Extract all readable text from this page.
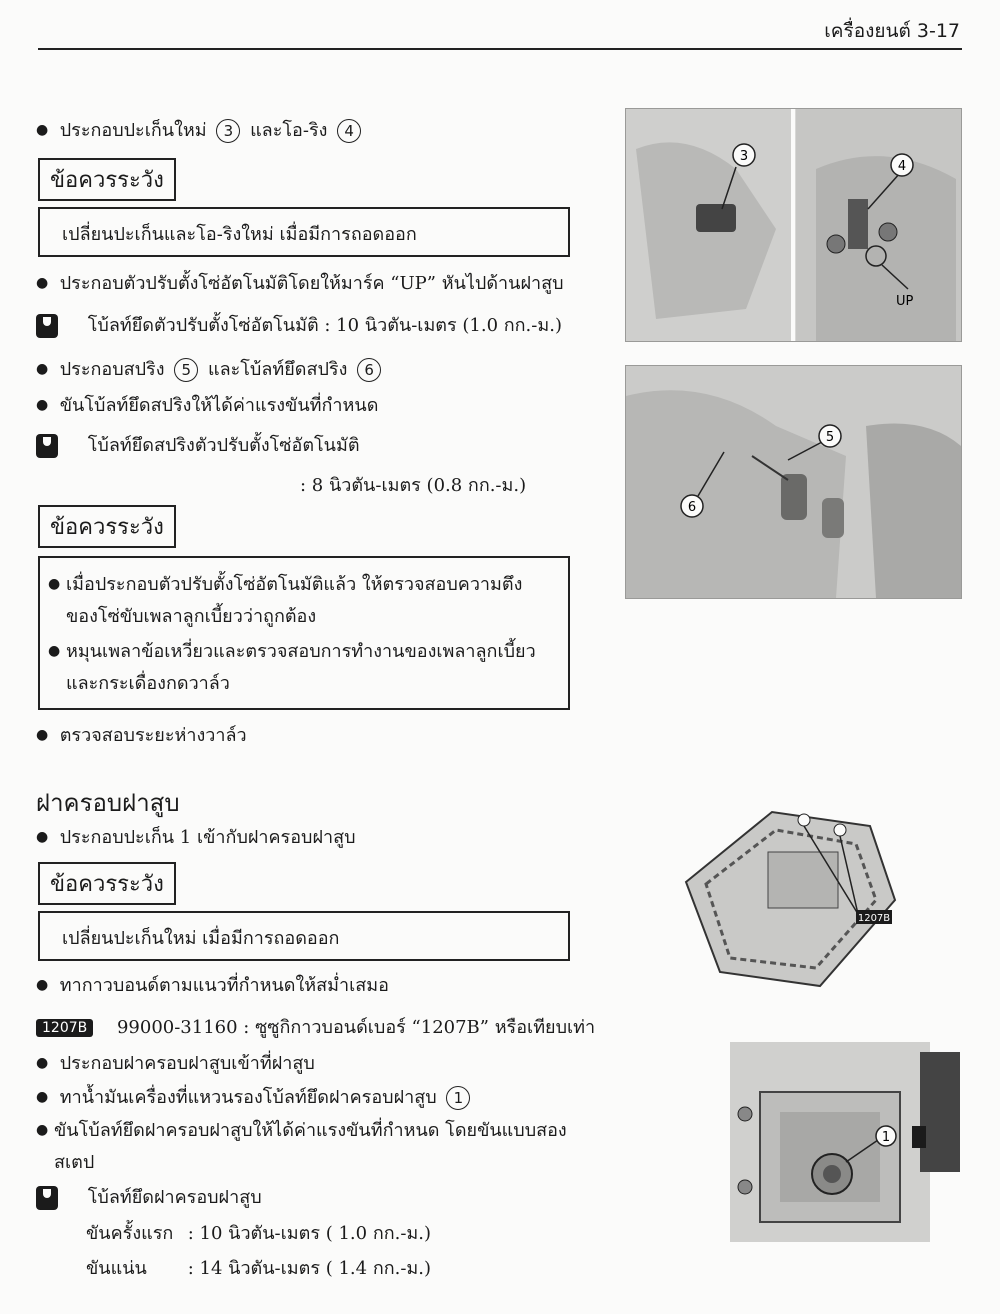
เครื่องยนต์ 3-17
● ประกอบปะเก็นใหม่ 3 และโอ-ริง 4
ข้อควรระวัง
เปลี่ยนปะเก็นและโอ-ริงใหม่ เมื่อมีการถอดออก
● ประกอบตัวปรับตั้งโซ่อัตโนมัติโดยให้มาร์ค “UP” หันไปด้านฝาสูบ
โบ้ลท์ยึดตัวปรับตั้งโซ่อัตโนมัติ : 10 นิวตัน-เมตร (1.0 กก.-ม.)
● ประกอบสปริง 5 และโบ้ลท์ยึดสปริง 6
● ขันโบ้ลท์ยึดสปริงให้ได้ค่าแรงขันที่กำหนด
โบ้ลท์ยึดสปริงตัวปรับตั้งโซ่อัตโนมัติ
: 8 นิวตัน-เมตร (0.8 กก.-ม.)
ข้อควรระวัง
● เมื่อประกอบตัวปรับตั้งโซ่อัตโนมัติแล้ว ให้ตรวจสอบความตึง
ของโซ่ขับเพลาลูกเบี้ยวว่าถูกต้อง
● หมุนเพลาข้อเหวี่ยวและตรวจสอบการทำงานของเพลาลูกเบี้ยว
และกระเดื่องกดวาล์ว
● ตรวจสอบระยะห่างวาล์ว
ฝาครอบฝาสูบ
● ประกอบปะเก็น 1 เข้ากับฝาครอบฝาสูบ
ข้อควรระวัง
เปลี่ยนปะเก็นใหม่ เมื่อมีการถอดออก
● ทากาวบอนด์ตามแนวที่กำหนดให้สม่ำเสมอ
1207B 99000-31160 : ซูซูกิกาวบอนด์เบอร์ “1207B” หรือเทียบเท่า
● ประกอบฝาครอบฝาสูบเข้าที่ฝาสูบ
● ทาน้ำมันเครื่องที่แหวนรองโบ้ลท์ยึดฝาครอบฝาสูบ 1
● ขันโบ้ลท์ยึดฝาครอบฝาสูบให้ได้ค่าแรงขันที่กำหนด โดยขันแบบสอง
สเตป
โบ้ลท์ยึดฝาครอบฝาสูบ
ขันครั้งแรก : 10 นิวตัน-เมตร ( 1.0 กก.-ม.)
ขันแน่น : 14 นิวตัน-เมตร ( 1.4 กก.-ม.)
3
4
UP
5
6
1207B
1
